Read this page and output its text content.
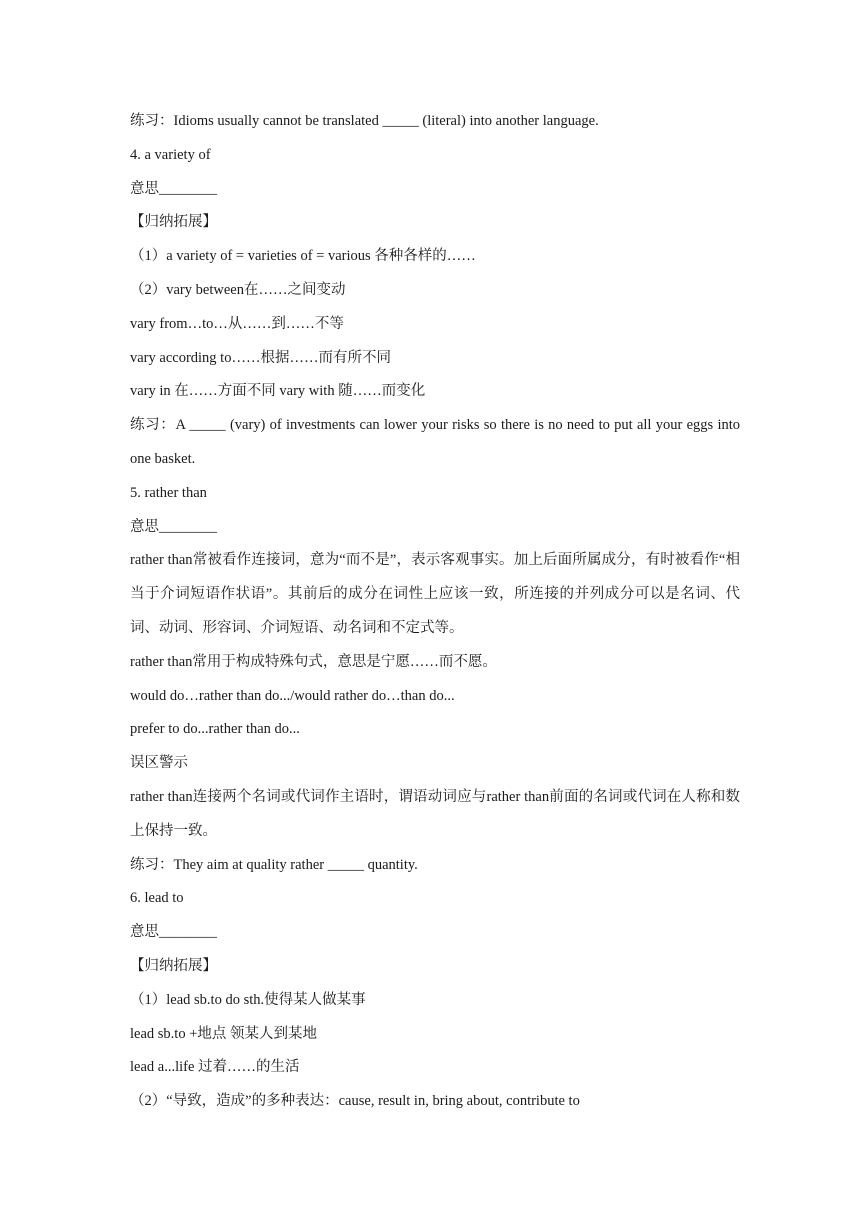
练习：Idioms usually cannot be translated _____ (literal) into another language.
4. a variety of
意思________
【归纳拓展】
（1）a variety of = varieties of = various 各种各样的……
（2）vary between在……之间变动
vary from…to…从……到……不等
vary according to……根据……而有所不同
vary in 在……方面不同 vary with 随……而变化
练习：A _____ (vary) of investments can lower your risks so there is no need to put all your eggs into one basket.
5. rather than
意思________
rather than常被看作连接词，意为“而不是”，表示客观事实。加上后面所属成分，有时被看作“相当于介词短语作状语”。其前后的成分在词性上应该一致，所连接的并列成分可以是名词、代词、动词、形容词、介词短语、动名词和不定式等。
rather than常用于构成特殊句式，意思是宁愿……而不愿。
would do…rather than do.../would rather do…than do...
prefer to do...rather than do...
误区警示
rather than连接两个名词或代词作主语时，谓语动词应与rather than前面的名词或代词在人称和数上保持一致。
练习：They aim at quality rather _____ quantity.
6. lead to
意思________
【归纳拓展】
（1）lead sb.to do sth.使得某人做某事
lead sb.to +地点 领某人到某地
lead a...life 过着……的生活
（2）“导致，造成”的多种表达：cause, result in, bring about, contribute to
